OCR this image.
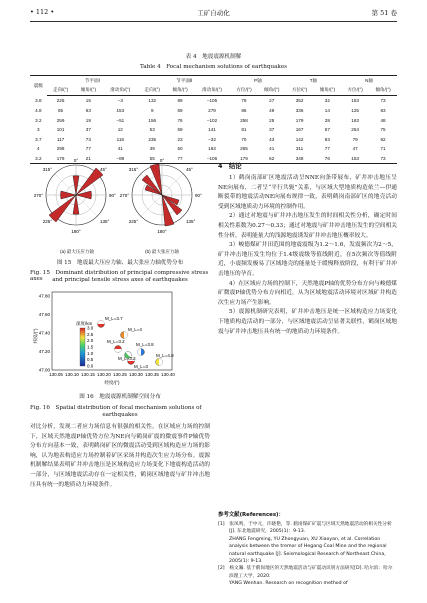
• 112 •	工矿自动化	第 51 卷
表 4　地震震源机制解
Table 4　Focal mechanism solutions of earthquakes
震级	节平面Ⅰ			节平面Ⅱ			P轴		T轴		N轴	
	走向/(°)	倾角/(°)	滑动角/(°)	走向/(°)	倾角/(°)	滑动角/(°)	方位/(°)	倾角/(°)	方位/(°)	倾角/(°)	方位/(°)	倾角/(°)
3.8	225	15	−3	132	89	−105	79	27	352	32	153	73
4.8	65	63	153	9	59	279	86	49	336	14	125	83
3.2	259	19	−51	156	76	−102	258	25	179	28	163	48
3	101	37	12	53	59	141	81	37	167	67	254	75
3.7	117	73	118	235	23	−32	70	43	142	83	79	92
4	298	77	41	39	50	163	265	41	311	77	47	71
3.2	179	21	−89	55	77	−106	179	62	348	76	153	73
0°
90°
180°
270°
45°
135°
225°
315°
0°
90°
180°
270°
45°
135°
225°
315°
(a) 最大压应力轴	(b) 最大张应力轴
图 15　地震最大压应力轴、最大张应力轴优势分布
Fig. 15　Dominant distribution of principal compressive stress axes	and principal tensile stress axes of earthquakes
纬度/(°)
47.80
47.60
47.40
47.20
47.00
130.05 130.10 130.15 130.20 130.25 130.30 130.35 130.40
M_L=3.7
M_L=4
M_L=3.2
M_L=3.8
M_L=3.2
M_L=3
M_L=4.8
深度/km
0.0
0.5
1.0
1.5
2.0
2.5
3.0
经度/(°)
图 16　地震震源机制解空间分布
Fig. 16　Spatial distribution of focal mechanism solutions of
earthquakes

对比分析，发现二者应力场信息有很强的相关性。在区域应力场的控制下，区域天然地震P轴优势方位为NE向与鹤岗矿震的微震事件P轴优势分布方向基本一致，表明鹤岗矿区的微震活动受到区域构造应力场的影响，认为地表构造应力场控制着矿区采场井构造次生应力场分布。震源机制解结果表明矿井冲击地压是区域构造应力场变化下地震构造活动的一部分，与区域地震活动存在一定相关性，鹤岗区域地震与矿井冲击地压具有统一的地质动力环境条件。

4　结论

1）鹤岗南部矿区地震活动呈NNE向条带展布，矿井冲击地压呈NE向展布，二者呈“平行共轭”关系，与区域大型地质构造依兰—伊通断裂带的地震活动NE向展布规律一致，表明鹤岗南部矿区的地壳活动受到区域地质动力环境的控制作用。

2）通过对地震与矿井冲击地压发生的时间相关性分析，确定时间相关性系数为0.27～0.33；通过对地震与矿井冲击地压发生的空间相关性分析，表明能量大的浅源地震诱发矿井冲击地压概率较大。

3）峻德煤矿井田范围的地震震级为1.2～1.6，发震频次为2～5，矿井冲击地压发生均位于1.4级震级等值线附近，在5次频次等值线附近，小震频发极易了区域地壳的能量处于缓慢释放阶段，有利于矿井冲击地压的孕育。

4）在区域应力场的控制下，天然地震P轴的优势分布方向与峻德煤矿微震P轴优势分布方向相近，从为区域地震活动环境对区域矿井构造次生应力场产生影响。

5）震源机制研究表明，矿井冲击地压是统一区域构造应力场变化下地质构造活动的一部分，与区域地震活动呈显著关联性，鹤岗区域地震与矿井冲击地压具有统一的地质动力环境条件。

参考文献(References)：
[1]　张凤鸣，于中元，许晓艳，等. 鹤岗煤矿矿震与区域天然地震活动的相关性分析[J]. 东北地震研究，2005(1)：9-13.
ZHANG Fengming, YU Zhongyuan, XU Xiaoyan, et al. Correlation analysis between the tremor of Hegang Coal Mine and the regional natural earthquake [J]. Seismological Research of Northeast China, 2005(1): 9-13.
[2]　杨文瀚. 基于鹤岗地区的天然地震活动与矿震动识别方法研究[D]. 哈尔滨：哈尔滨理工大学，2020.
YANG Wenhan. Research on recognition method of
